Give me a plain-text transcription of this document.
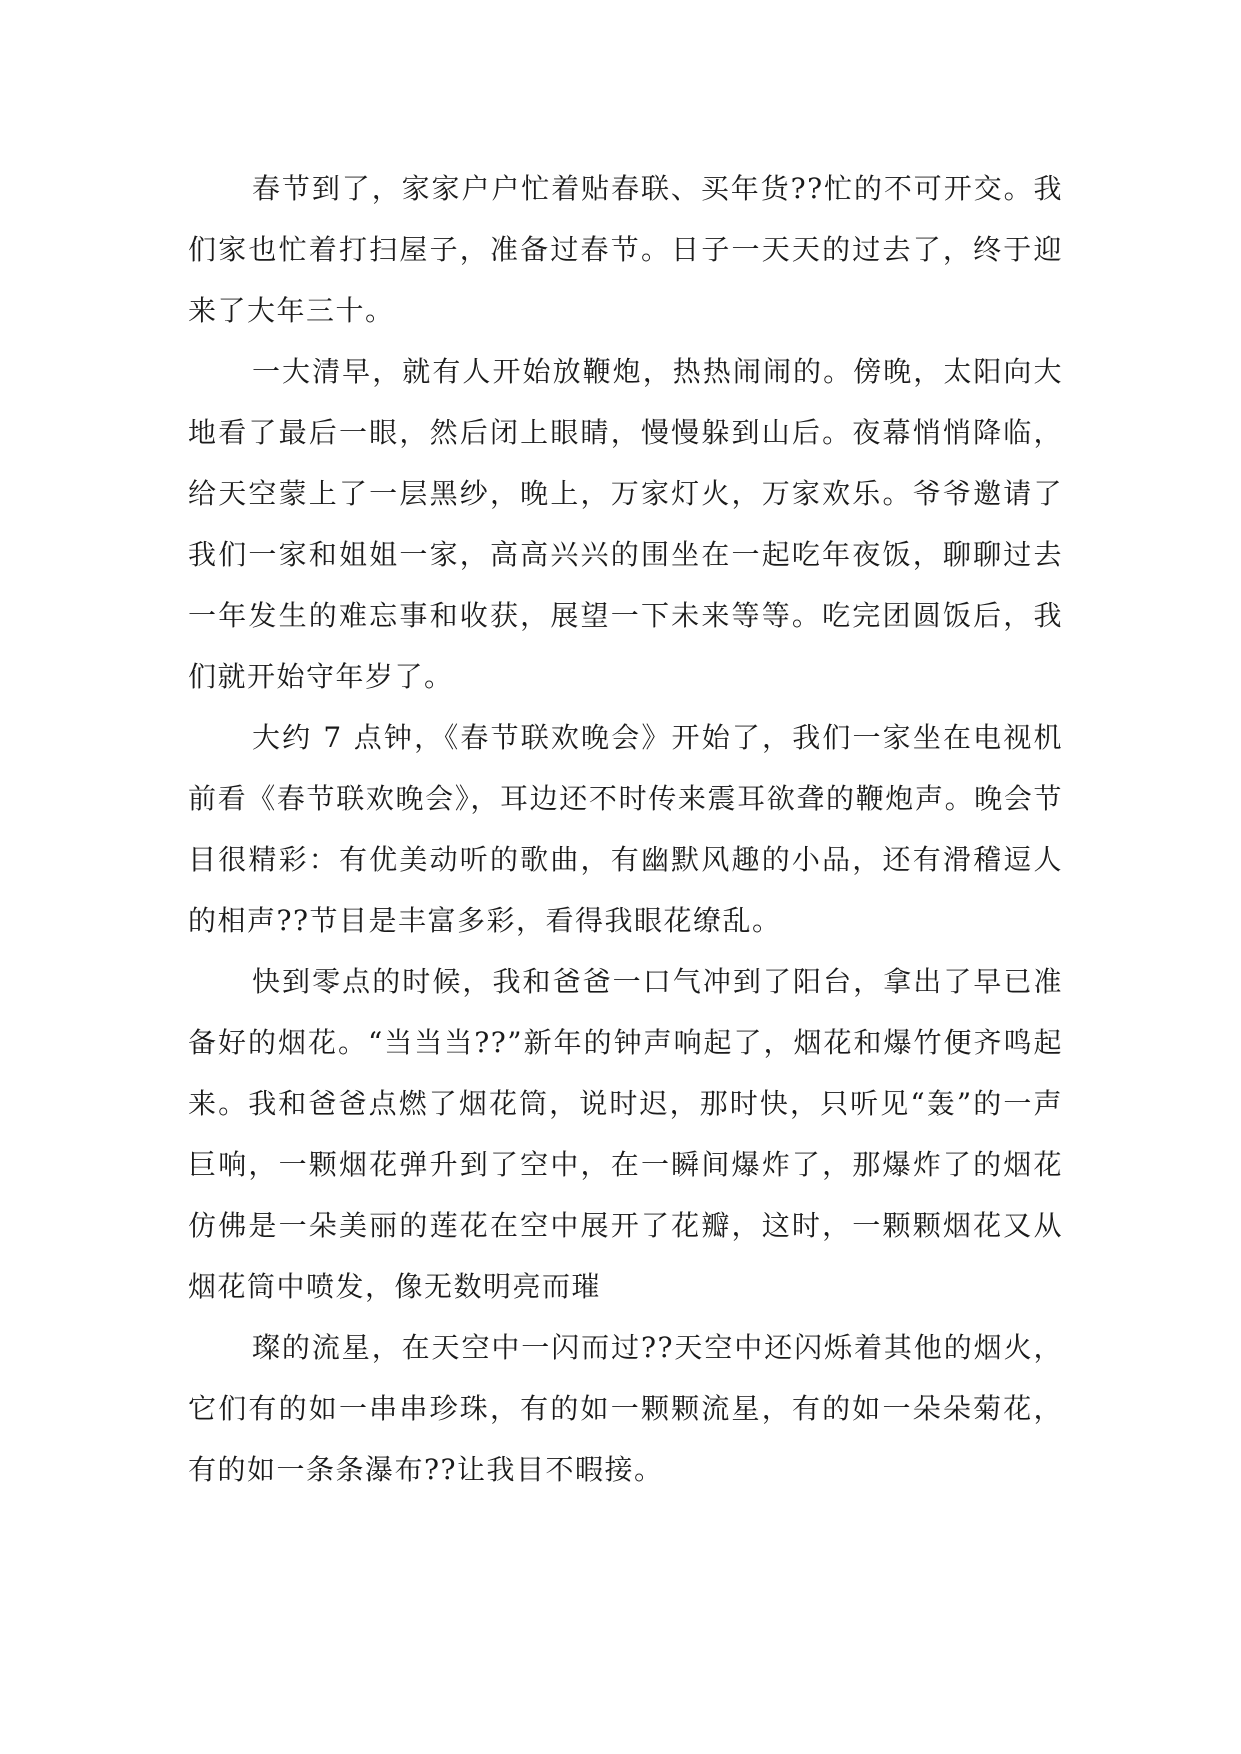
春节到了，家家户户忙着贴春联、买年货??忙的不可开交。我们家也忙着打扫屋子，准备过春节。日子一天天的过去了，终于迎来了大年三十。

一大清早，就有人开始放鞭炮，热热闹闹的。傍晚，太阳向大地看了最后一眼，然后闭上眼睛，慢慢躲到山后。夜幕悄悄降临，给天空蒙上了一层黑纱，晚上，万家灯火，万家欢乐。爷爷邀请了我们一家和姐姐一家，高高兴兴的围坐在一起吃年夜饭，聊聊过去一年发生的难忘事和收获，展望一下未来等等。吃完团圆饭后，我们就开始守年岁了。

大约 7 点钟，《春节联欢晚会》开始了，我们一家坐在电视机前看《春节联欢晚会》，耳边还不时传来震耳欲聋的鞭炮声。晚会节目很精彩：有优美动听的歌曲，有幽默风趣的小品，还有滑稽逗人的相声??节目是丰富多彩，看得我眼花缭乱。

快到零点的时候，我和爸爸一口气冲到了阳台，拿出了早已准备好的烟花。“当当当??”新年的钟声响起了，烟花和爆竹便齐鸣起来。我和爸爸点燃了烟花筒，说时迟，那时快，只听见“轰”的一声巨响，一颗烟花弹升到了空中，在一瞬间爆炸了，那爆炸了的烟花仿佛是一朵美丽的莲花在空中展开了花瓣，这时，一颗颗烟花又从烟花筒中喷发，像无数明亮而璀

璨的流星，在天空中一闪而过??天空中还闪烁着其他的烟火，它们有的如一串串珍珠，有的如一颗颗流星，有的如一朵朵菊花，有的如一条条瀑布??让我目不暇接。
